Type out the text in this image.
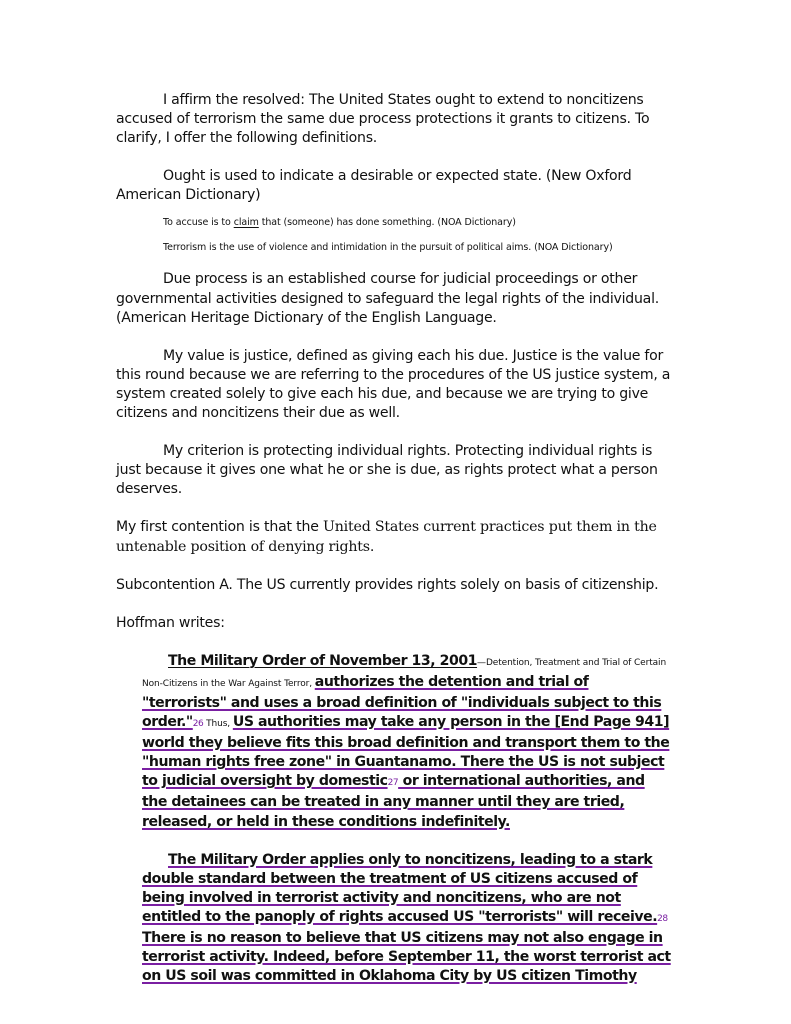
I affirm the resolved: The United States ought to extend to noncitizens accused of terrorism the same due process protections it grants to citizens. To clarify, I offer the following definitions.

Ought is used to indicate a desirable or expected state. (New Oxford American Dictionary)

To accuse is to claim that (someone) has done something. (NOA Dictionary)

Terrorism is the use of violence and intimidation in the pursuit of political aims. (NOA Dictionary)

Due process is an established course for judicial proceedings or other governmental activities designed to safeguard the legal rights of the individual. (American Heritage Dictionary of the English Language.

My value is justice, defined as giving each his due. Justice is the value for this round because we are referring to the procedures of the US justice system, a system created solely to give each his due, and because we are trying to give citizens and noncitizens their due as well.

My criterion is protecting individual rights. Protecting individual rights is just because it gives one what he or she is due, as rights protect what a person deserves.

My first contention is that the United States current practices put them in the untenable position of denying rights.

Subcontention A. The US currently provides rights solely on basis of citizenship.

Hoffman writes:

The Military Order of November 13, 2001—Detention, Treatment and Trial of Certain Non-Citizens in the War Against Terror, authorizes the detention and trial of "terrorists" and uses a broad definition of "individuals subject to this order."26 Thus, US authorities may take any person in the [End Page 941] world they believe fits this broad definition and transport them to the "human rights free zone" in Guantanamo. There the US is not subject to judicial oversight by domestic27 or international authorities, and the detainees can be treated in any manner until they are tried, released, or held in these conditions indefinitely.

The Military Order applies only to noncitizens, leading to a stark double standard between the treatment of US citizens accused of being involved in terrorist activity and noncitizens, who are not entitled to the panoply of rights accused US "terrorists" will receive.28 There is no reason to believe that US citizens may not also engage in terrorist activity. Indeed, before September 11, the worst terrorist act on US soil was committed in Oklahoma City by US citizen Timothy
